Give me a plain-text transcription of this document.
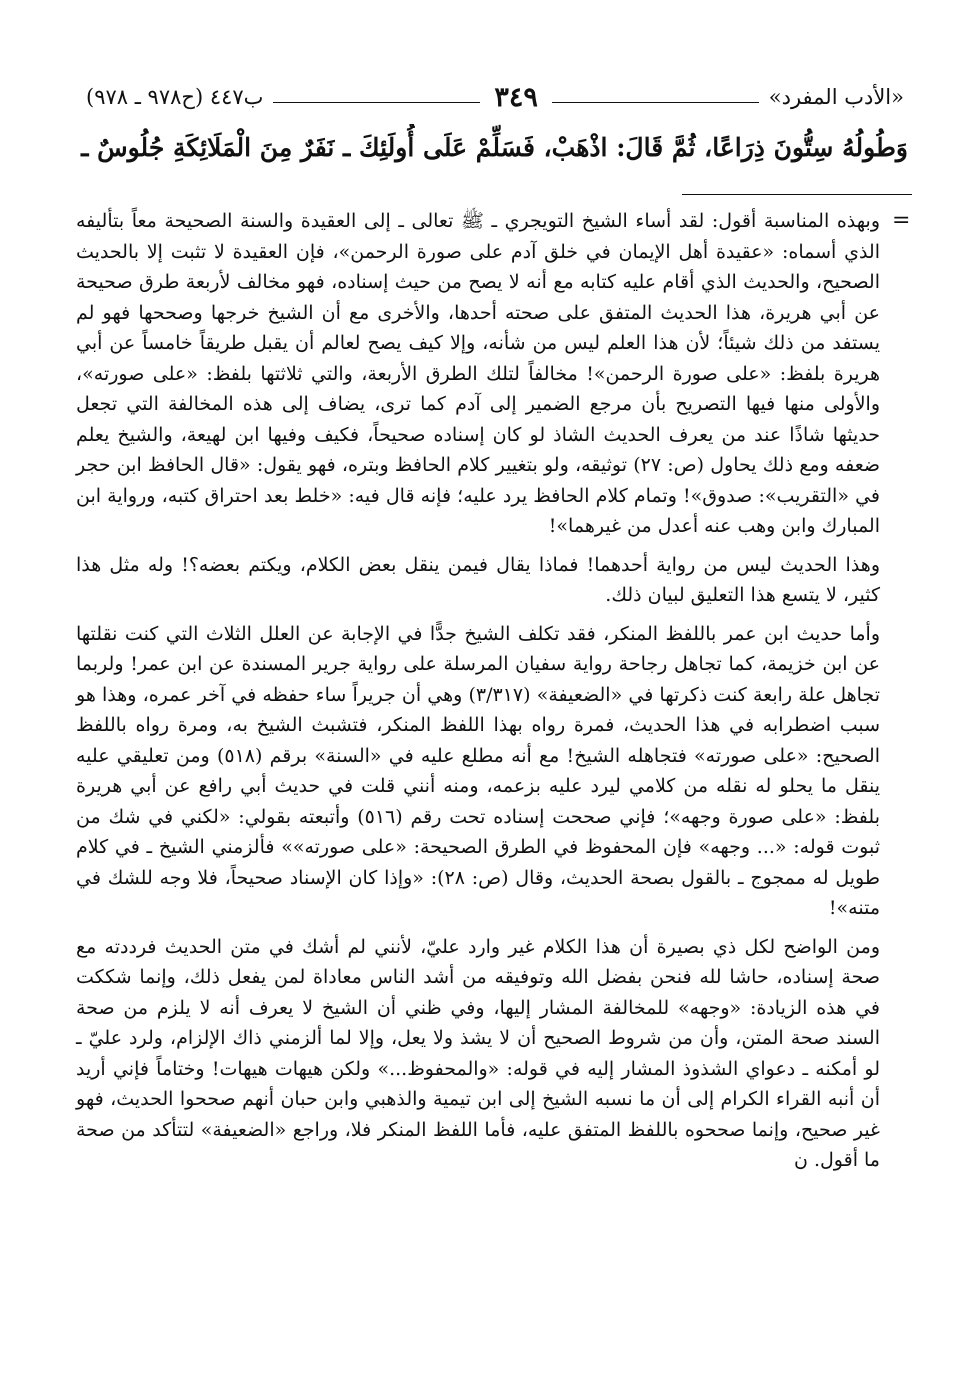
«الأدب المفرد»
٣٤٩
ب٤٤٧ (ح٩٧٨ ـ ٩٧٨)
وَطُولُهُ سِتُّونَ ذِرَاعًا، ثُمَّ قَالَ: اذْهَبْ، فَسَلِّمْ عَلَى أُولَئِكَ ـ نَفَرٌ مِنَ الْمَلَائِكَةِ جُلُوسٌ ـ
=

وبهذه المناسبة أقول: لقد أساء الشيخ التويجري ـ ﷺ تعالى ـ إلى العقيدة والسنة الصحيحة معاً بتأليفه الذي أسماه: «عقيدة أهل الإيمان في خلق آدم على صورة الرحمن»، فإن العقيدة لا تثبت إلا بالحديث الصحيح، والحديث الذي أقام عليه كتابه مع أنه لا يصح من حيث إسناده، فهو مخالف لأربعة طرق صحيحة عن أبي هريرة، هذا الحديث المتفق على صحته أحدها، والأخرى مع أن الشيخ خرجها وصححها فهو لم يستفد من ذلك شيئاً؛ لأن هذا العلم ليس من شأنه، وإلا كيف يصح لعالم أن يقبل طريقاً خامساً عن أبي هريرة بلفظ: «على صورة الرحمن»! مخالفاً لتلك الطرق الأربعة، والتي ثلاثتها بلفظ: «على صورته»، والأولى منها فيها التصريح بأن مرجع الضمير إلى آدم كما ترى، يضاف إلى هذه المخالفة التي تجعل حديثها شاذًا عند من يعرف الحديث الشاذ لو كان إسناده صحيحاً، فكيف وفيها ابن لهيعة، والشيخ يعلم ضعفه ومع ذلك يحاول (ص: ٢٧) توثيقه، ولو بتغيير كلام الحافظ وبتره، فهو يقول: «قال الحافظ ابن حجر في «التقريب»: صدوق»! وتمام كلام الحافظ يرد عليه؛ فإنه قال فيه: «خلط بعد احتراق كتبه، ورواية ابن المبارك وابن وهب عنه أعدل من غيرهما»!

وهذا الحديث ليس من رواية أحدهما! فماذا يقال فيمن ينقل بعض الكلام، ويكتم بعضه؟! وله مثل هذا كثير، لا يتسع هذا التعليق لبيان ذلك.

وأما حديث ابن عمر باللفظ المنكر، فقد تكلف الشيخ جدًّا في الإجابة عن العلل الثلاث التي كنت نقلتها عن ابن خزيمة، كما تجاهل رجاحة رواية سفيان المرسلة على رواية جرير المسندة عن ابن عمر! ولربما تجاهل علة رابعة كنت ذكرتها في «الضعيفة» (٣/٣١٧) وهي أن جريراً ساء حفظه في آخر عمره، وهذا هو سبب اضطرابه في هذا الحديث، فمرة رواه بهذا اللفظ المنكر، فتشبث الشيخ به، ومرة رواه باللفظ الصحيح: «على صورته» فتجاهله الشيخ! مع أنه مطلع عليه في «السنة» برقم (٥١٨) ومن تعليقي عليه ينقل ما يحلو له نقله من كلامي ليرد عليه بزعمه، ومنه أنني قلت في حديث أبي رافع عن أبي هريرة بلفظ: «على صورة وجهه»؛ فإني صححت إسناده تحت رقم (٥١٦) وأتبعته بقولي: «لكني في شك من ثبوت قوله: «... وجهه» فإن المحفوظ في الطرق الصحيحة: «على صورته»» فألزمني الشيخ ـ في كلام طويل له ممجوج ـ بالقول بصحة الحديث، وقال (ص: ٢٨): «وإذا كان الإسناد صحيحاً، فلا وجه للشك في متنه»!

ومن الواضح لكل ذي بصيرة أن هذا الكلام غير وارد عليّ، لأنني لم أشك في متن الحديث فرددته مع صحة إسناده، حاشا لله فنحن بفضل الله وتوفيقه من أشد الناس معاداة لمن يفعل ذلك، وإنما شككت في هذه الزيادة: «وجهه» للمخالفة المشار إليها، وفي ظني أن الشيخ لا يعرف أنه لا يلزم من صحة السند صحة المتن، وأن من شروط الصحيح أن لا يشذ ولا يعل، وإلا لما ألزمني ذاك الإلزام، ولرد عليّ ـ لو أمكنه ـ دعواي الشذوذ المشار إليه في قوله: «والمحفوظ...» ولكن هيهات هيهات! وختاماً فإني أريد أن أنبه القراء الكرام إلى أن ما نسبه الشيخ إلى ابن تيمية والذهبي وابن حبان أنهم صححوا الحديث، فهو غير صحيح، وإنما صححوه باللفظ المتفق عليه، فأما اللفظ المنكر فلا، وراجع «الضعيفة» لتتأكد من صحة ما أقول. ن
